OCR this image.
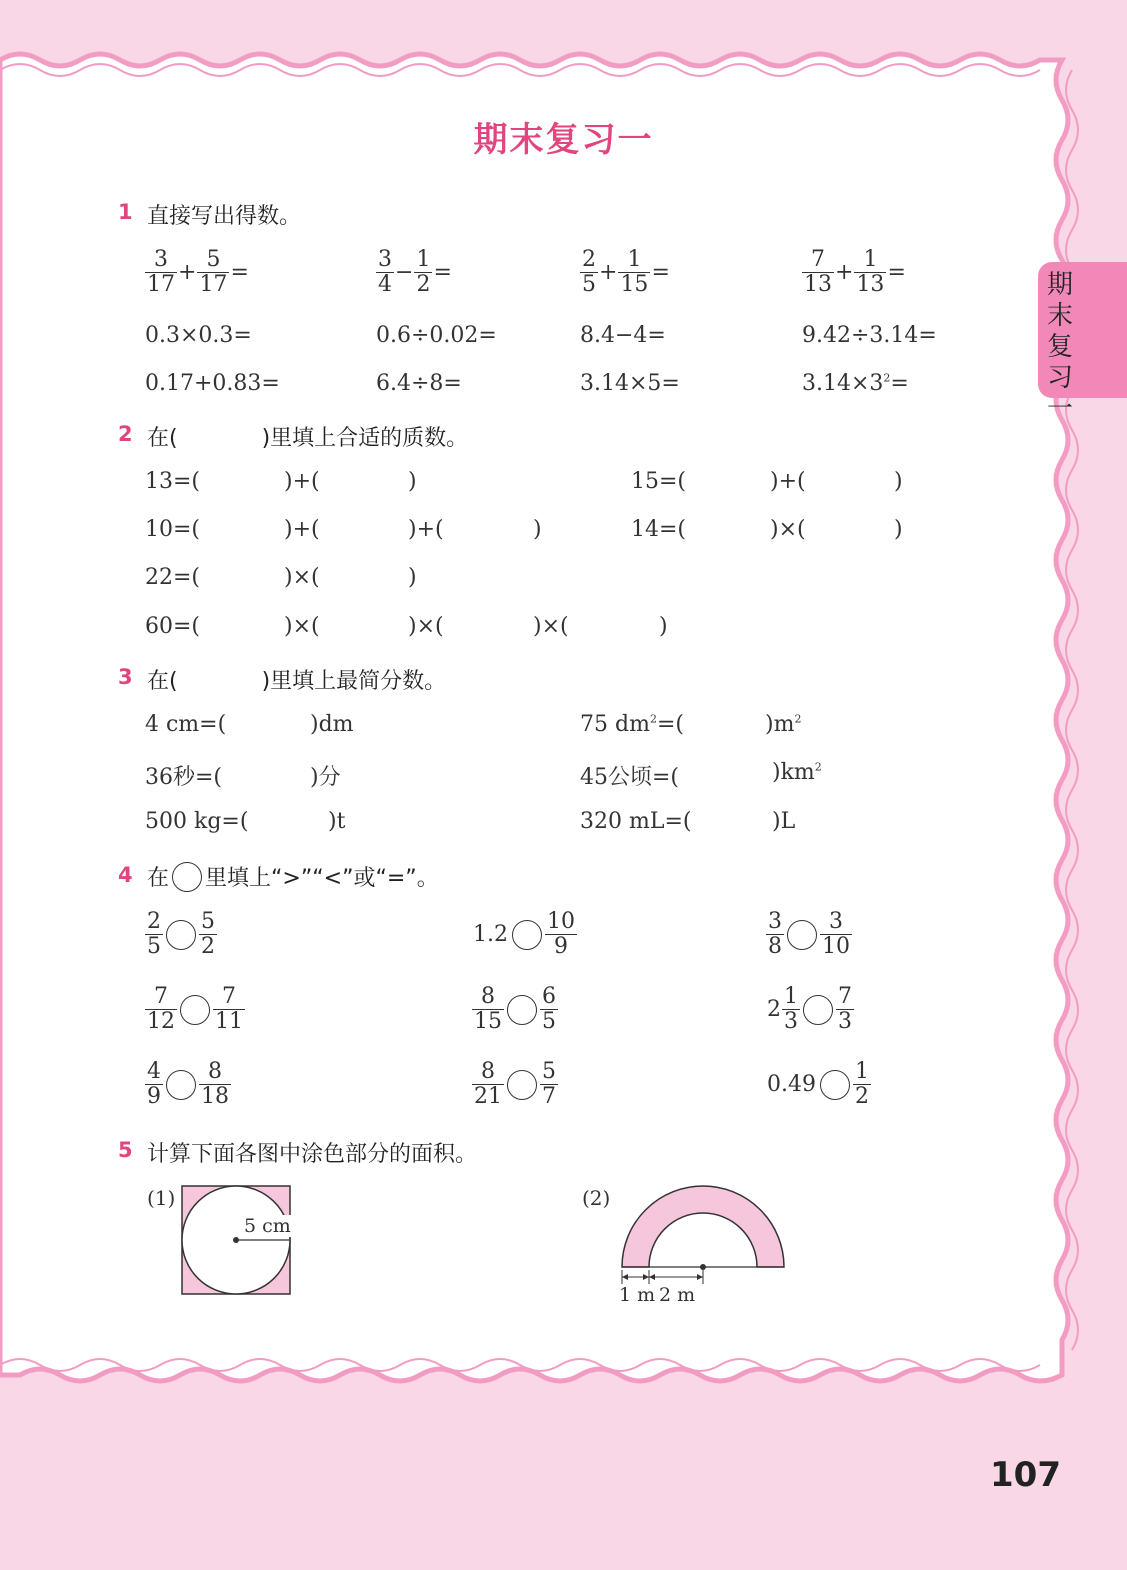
期末复习一
期末复习一
1 直接写出得数。
$\frac{3}{17} + \frac{5}{17}$ =	$\frac{3}{4} - \frac{1}{2}$ =	$\frac{2}{5} + \frac{1}{15}$ =	$\frac{7}{13} + \frac{1}{13}$ =
0.3×0.3=	0.6÷0.02=	8.4−4=	9.42÷3.14=
0.17+0.83=	6.4÷8=	3.14×5=	$3.14\times 3^2=$
2 在(	)里填上合适的质数。
13=(	)+(	)	15=(	)+(	)
10=(	)+(	)+(	)	14=(	)×(	)
22=(	)×(	)
60=(	)×(	)×(	)×(	)
3 在(	)里填上最简分数。
4 cm=(	)dm	75 $dm^2=$(	)$m^2$
36秒=(	)分	45公顷=(	)$km^2$
500 kg=(	)t	320 mL=(	)L
4 在 里填上“>”“<”或“=”。
$\frac{2}{5} \frac{5}{2}$	$1.2 \frac{10}{9}$	$\frac{3}{8} \frac{3}{10}$
$\frac{7}{12} \frac{7}{11}$	$\frac{8}{15} \frac{6}{5}$	$2 \frac{1}{3} \frac{7}{3}$
$\frac{4}{9} \frac{8}{18}$	$\frac{8}{21} \frac{5}{7}$	$0.49 \frac{1}{2}$
5 计算下面各图中涂色部分的面积。
(1)
5 cm
(2)
1 m 2 m
107
